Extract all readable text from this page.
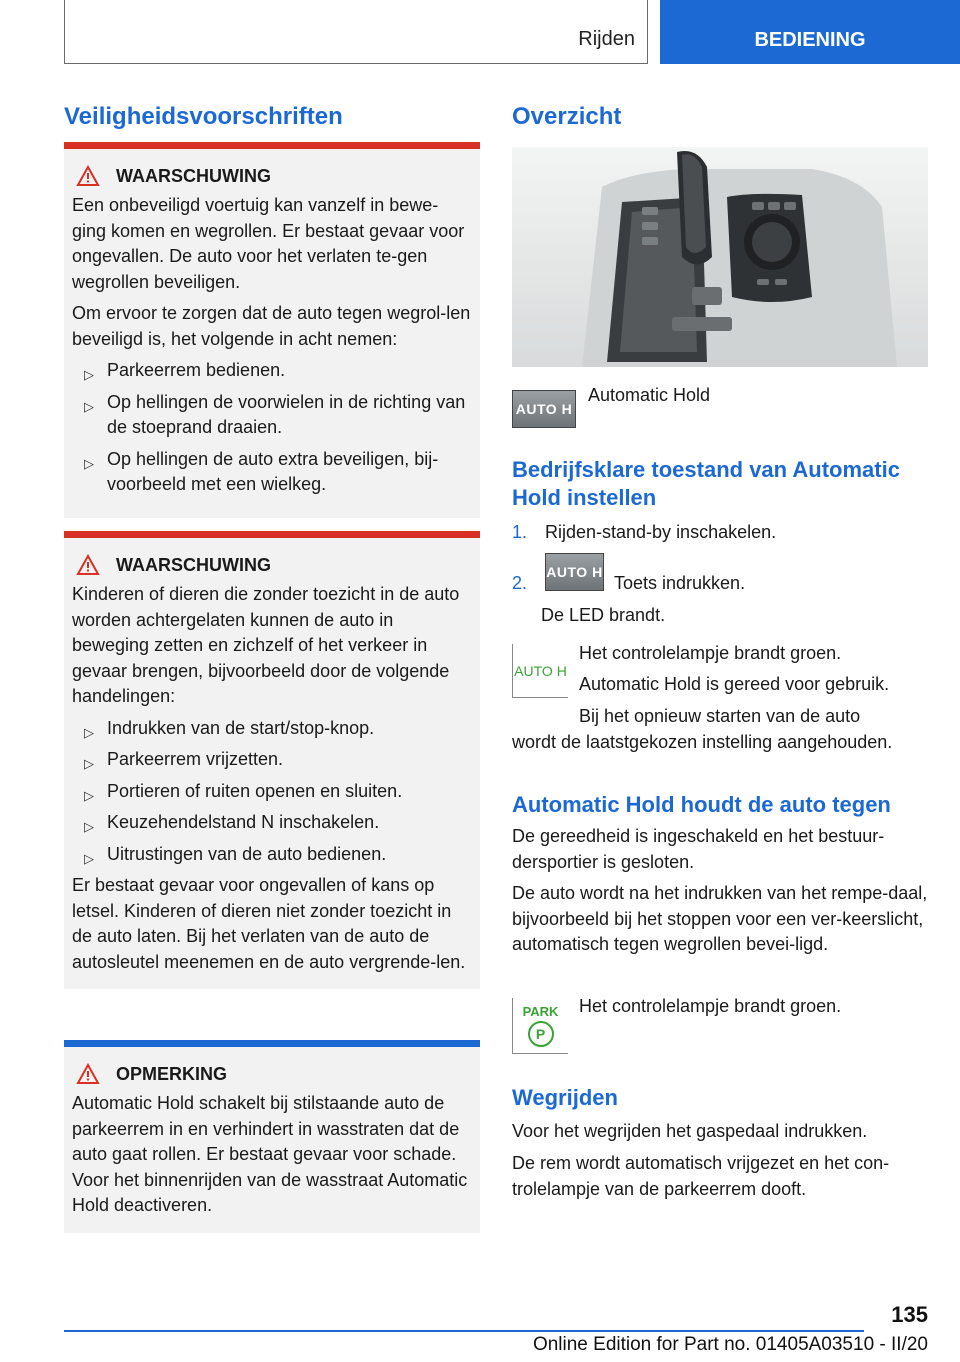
Rijden	BEDIENING
Veiligheidsvoorschriften
WAARSCHUWING

Een onbeveiligd voertuig kan vanzelf in bewe-ging komen en wegrollen. Er bestaat gevaar voor ongevallen. De auto voor het verlaten te-gen wegrollen beveiligen.

Om ervoor te zorgen dat de auto tegen wegrol-len beveiligd is, het volgende in acht nemen:

▷ Parkeerrem bedienen.
▷ Op hellingen de voorwielen in de richting van de stoeprand draaien.
▷ Op hellingen de auto extra beveiligen, bij-voorbeeld met een wielkeg.
WAARSCHUWING

Kinderen of dieren die zonder toezicht in de auto worden achtergelaten kunnen de auto in beweging zetten en zichzelf of het verkeer in gevaar brengen, bijvoorbeeld door de volgende handelingen:

▷ Indrukken van de start/stop-knop.
▷ Parkeerrem vrijzetten.
▷ Portieren of ruiten openen en sluiten.
▷ Keuzehendelstand N inschakelen.
▷ Uitrustingen van de auto bedienen.

Er bestaat gevaar voor ongevallen of kans op letsel. Kinderen of dieren niet zonder toezicht in de auto laten. Bij het verlaten van de auto de autosleutel meenemen en de auto vergrende-len.

OPMERKING

Automatic Hold schakelt bij stilstaande auto de parkeerrem in en verhindert in wasstraten dat de auto gaat rollen. Er bestaat gevaar voor schade. Voor het binnenrijden van de wasstraat Automatic Hold deactiveren.

Overzicht
AUTO H
Automatic Hold
Bedrijfsklare toestand van Automatic Hold instellen
1. Rijden-stand-by inschakelen.
2.
AUTO H
Toets indrukken.
De LED brandt.
AUTO H
Het controlelampje brandt groen.
Automatic Hold is gereed voor gebruik.
Bij het opnieuw starten van de auto
wordt de laatstgekozen instelling aangehouden.
Automatic Hold houdt de auto tegen

De gereedheid is ingeschakeld en het bestuur-dersportier is gesloten.

De auto wordt na het indrukken van het rempe-daal, bijvoorbeeld bij het stoppen voor een ver-keerslicht, automatisch tegen wegrollen bevei-ligd.

PARK
P
Het controlelampje brandt groen.
Wegrijden

Voor het wegrijden het gaspedaal indrukken.

De rem wordt automatisch vrijgezet en het con-trolelampje van de parkeerrem dooft.

135
Online Edition for Part no. 01405A03510 - II/20
